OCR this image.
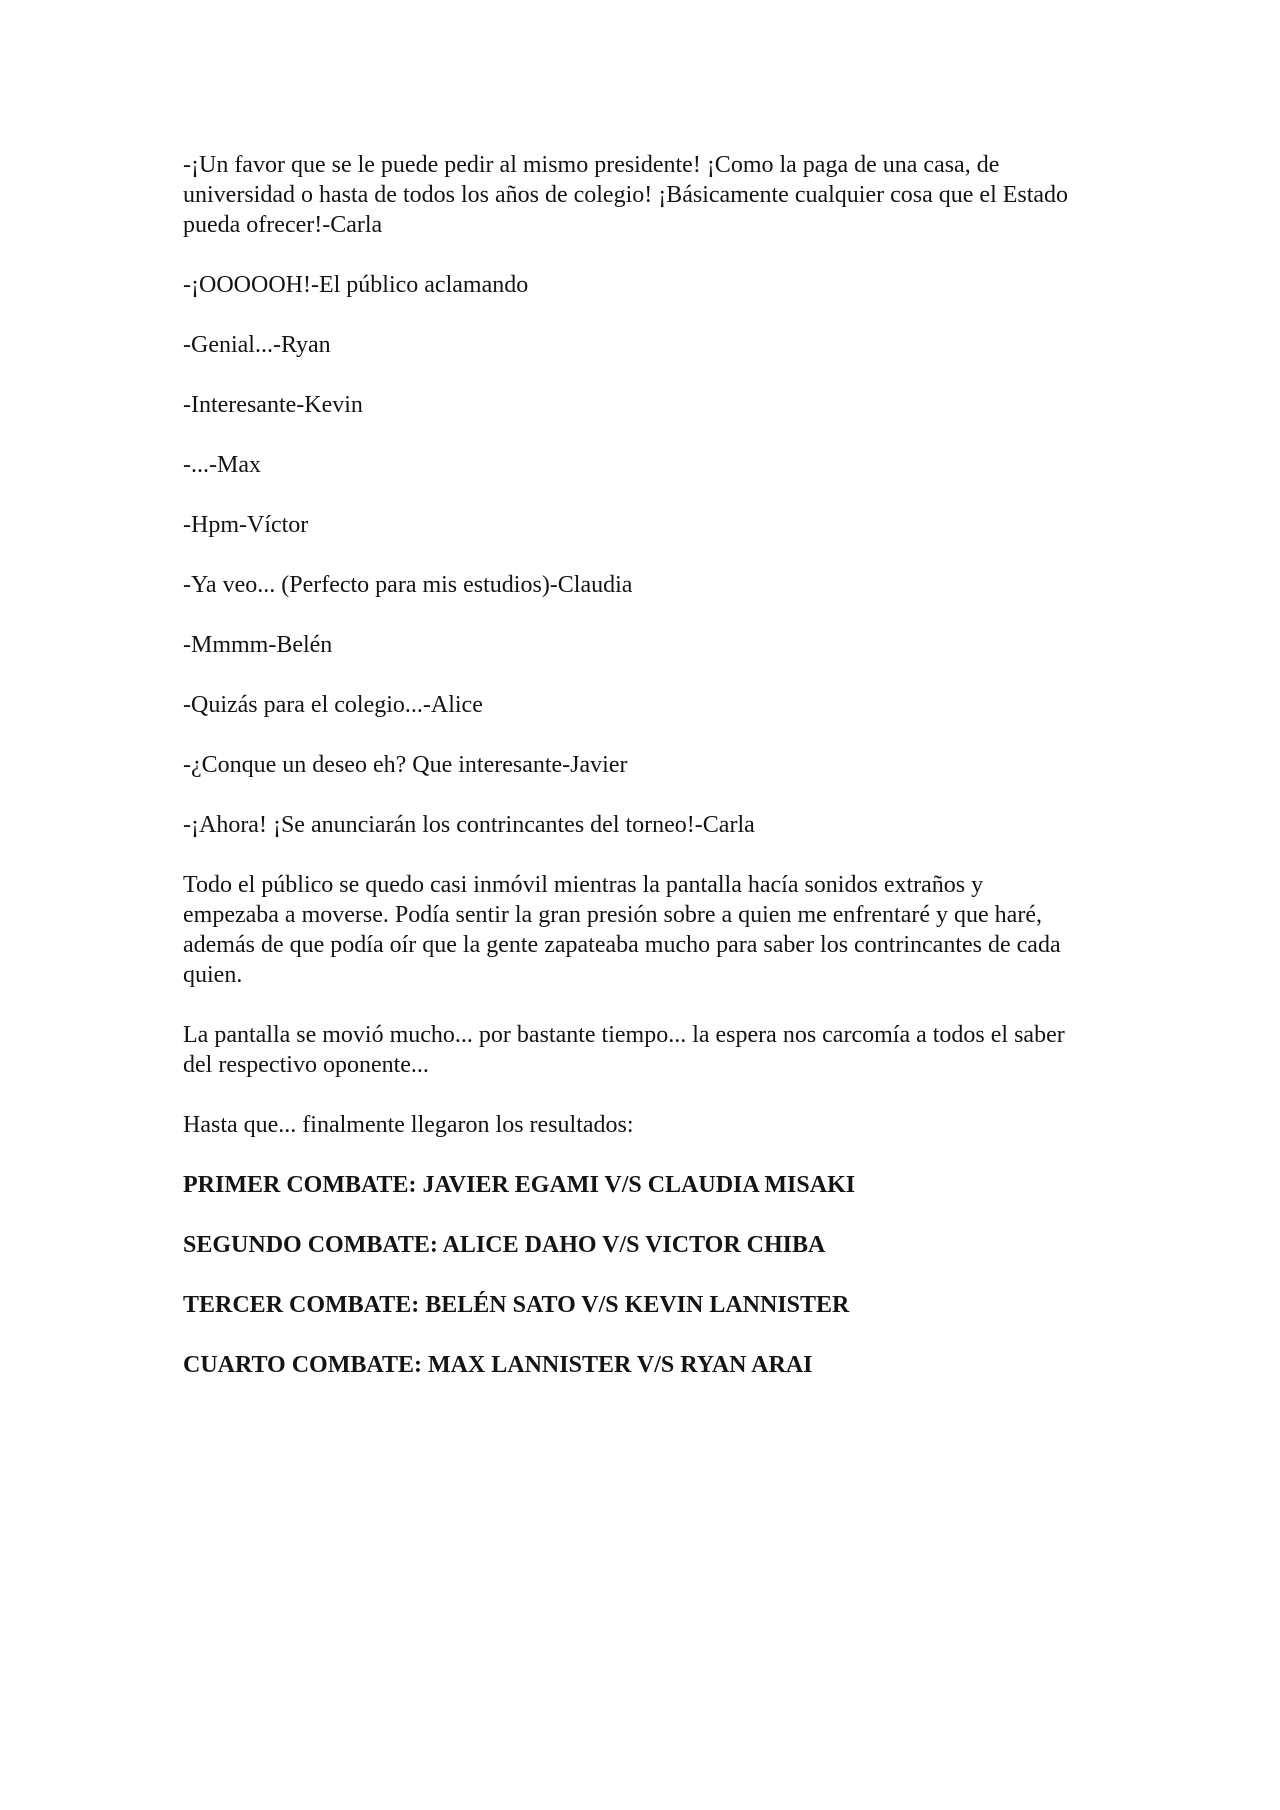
-¡Un favor que se le puede pedir al mismo presidente! ¡Como la paga de una casa, de universidad o hasta de todos los años de colegio! ¡Básicamente cualquier cosa que el Estado pueda ofrecer!-Carla

-¡OOOOOH!-El público aclamando

-Genial...-Ryan

-Interesante-Kevin

-...-Max

-Hpm-Víctor

-Ya veo... (Perfecto para mis estudios)-Claudia

-Mmmm-Belén

-Quizás para el colegio...-Alice

-¿Conque un deseo eh? Que interesante-Javier

-¡Ahora! ¡Se anunciarán los contrincantes del torneo!-Carla

Todo el público se quedo casi inmóvil mientras la pantalla hacía sonidos extraños y empezaba a moverse. Podía sentir la gran presión sobre a quien me enfrentaré y que haré, además de que podía oír que la gente zapateaba mucho para saber los contrincantes de cada quien.

La pantalla se movió mucho... por bastante tiempo... la espera nos carcomía a todos el saber del respectivo oponente...

Hasta que... finalmente llegaron los resultados:

PRIMER COMBATE: JAVIER EGAMI V/S CLAUDIA MISAKI

SEGUNDO COMBATE: ALICE DAHO V/S VICTOR CHIBA

TERCER COMBATE: BELÉN SATO V/S KEVIN LANNISTER

CUARTO COMBATE: MAX LANNISTER V/S RYAN ARAI
